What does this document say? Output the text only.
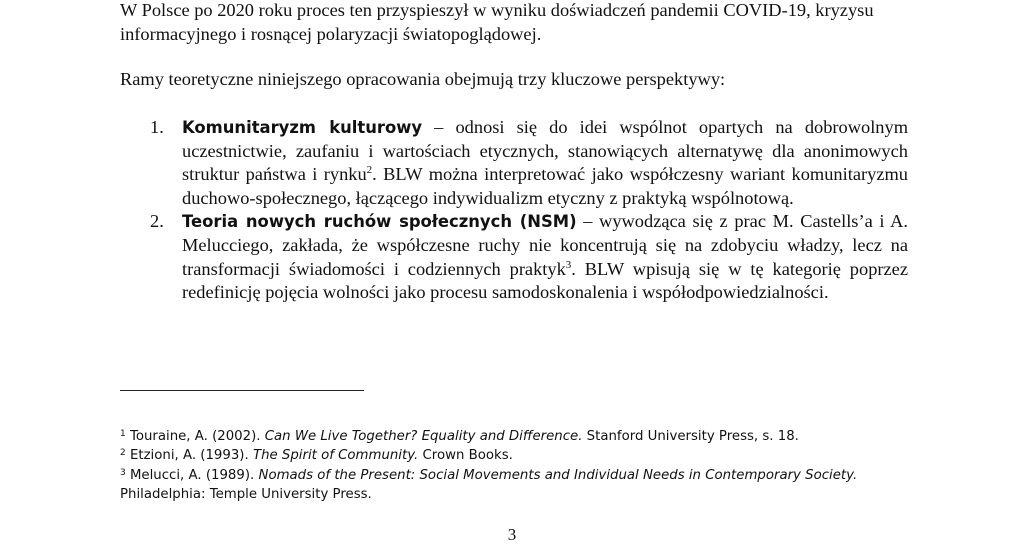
W Polsce po 2020 roku proces ten przyspieszył w wyniku doświadczeń pandemii COVID-19, kryzysu informacyjnego i rosnącej polaryzacji światopoglądowej.

Ramy teoretyczne niniejszego opracowania obejmują trzy kluczowe perspektywy:

1. Komunitaryzm kulturowy – odnosi się do idei wspólnot opartych na dobrowolnym uczestnictwie, zaufaniu i wartościach etycznych, stanowiących alternatywę dla anonimowych struktur państwa i rynku$^2$. BLW można interpretować jako współczesny wariant komunitaryzmu duchowo-społecznego, łączącego indywidualizm etyczny z praktyką wspólnotową.
2. Teoria nowych ruchów społecznych (NSM) – wywodząca się z prac M. Castells’a i A. Melucciego, zakłada, że współczesne ruchy nie koncentrują się na zdobyciu władzy, lecz na transformacji świadomości i codziennych praktyk$^3$. BLW wpisują się w tę kategorię poprzez redefinicję pojęcia wolności jako procesu samodoskonalenia i współodpowiedzialności.
$^1$ Touraine, A. (2002). Can We Live Together? Equality and Difference. Stanford University Press, s. 18.
$^2$ Etzioni, A. (1993). The Spirit of Community. Crown Books.
$^3$ Melucci, A. (1989). Nomads of the Present: Social Movements and Individual Needs in Contemporary Society.
Philadelphia: Temple University Press.
3
